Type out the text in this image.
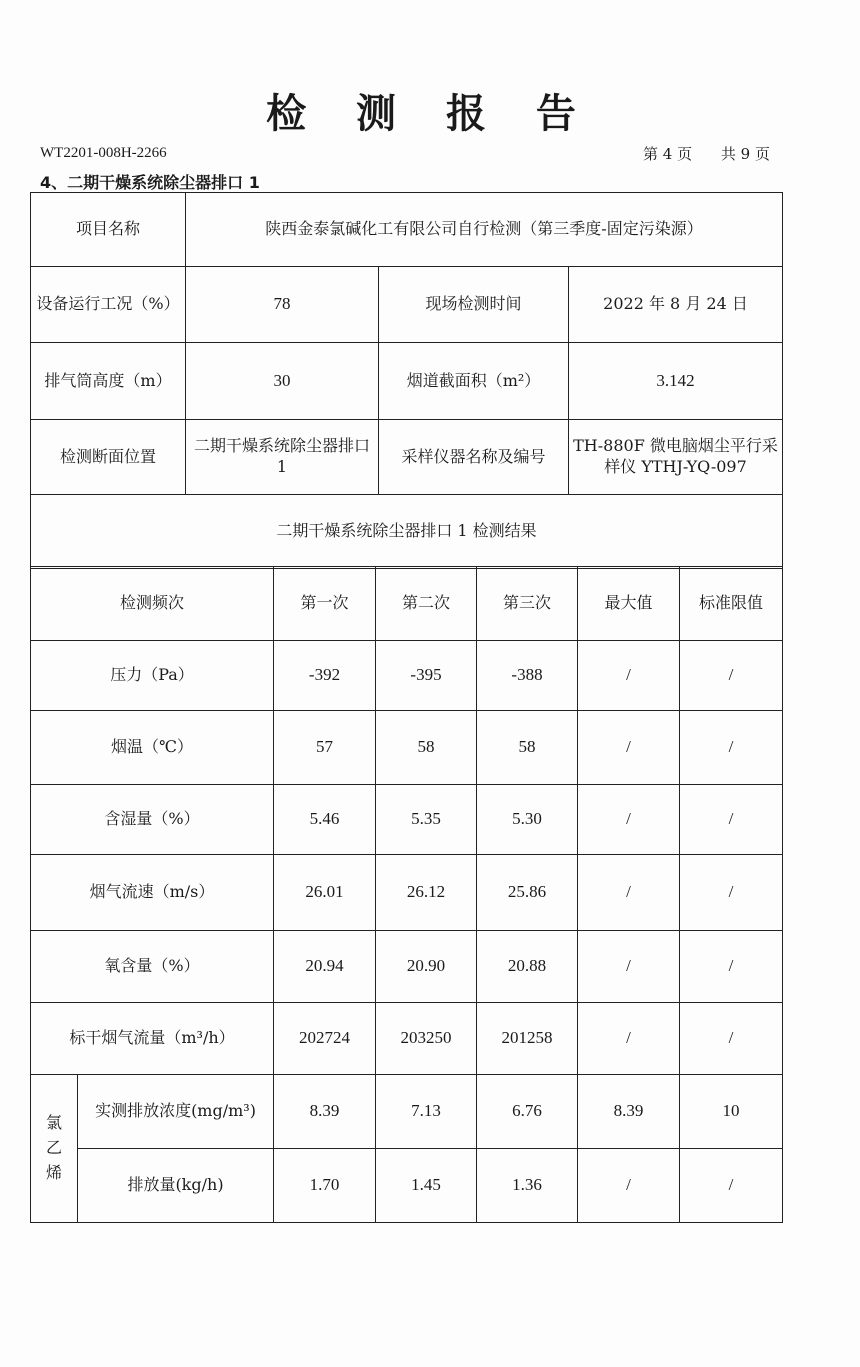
检 测 报 告
WT2201-008H-2266	第 4 页 共 9 页
4、二期干燥系统除尘器排口 1
项目名称	陕西金泰氯碱化工有限公司自行检测（第三季度-固定污染源）		
设备运行工况（%）	78	现场检测时间	2022 年 8 月 24 日
排气筒高度（m）	30	烟道截面积（m²）	3.142
检测断面位置	二期干燥系统除尘器排口 1	采样仪器名称及编号	TH-880F 微电脑烟尘平行采样仪 YTHJ-YQ-097
二期干燥系统除尘器排口 1 检测结果			
检测频次		第一次	第二次	第三次	最大值	标准限值
压力（Pa）		-392	-395	-388	/	/
烟温（℃）		57	58	58	/	/
含湿量（%）		5.46	5.35	5.30	/	/
烟气流速（m/s）		26.01	26.12	25.86	/	/
氧含量（%）		20.94	20.90	20.88	/	/
标干烟气流量（m³/h）		202724	203250	201258	/	/
氯乙烯	实测排放浓度(mg/m³)	8.39	7.13	6.76	8.39	10
	排放量(kg/h)	1.70	1.45	1.36	/	/
